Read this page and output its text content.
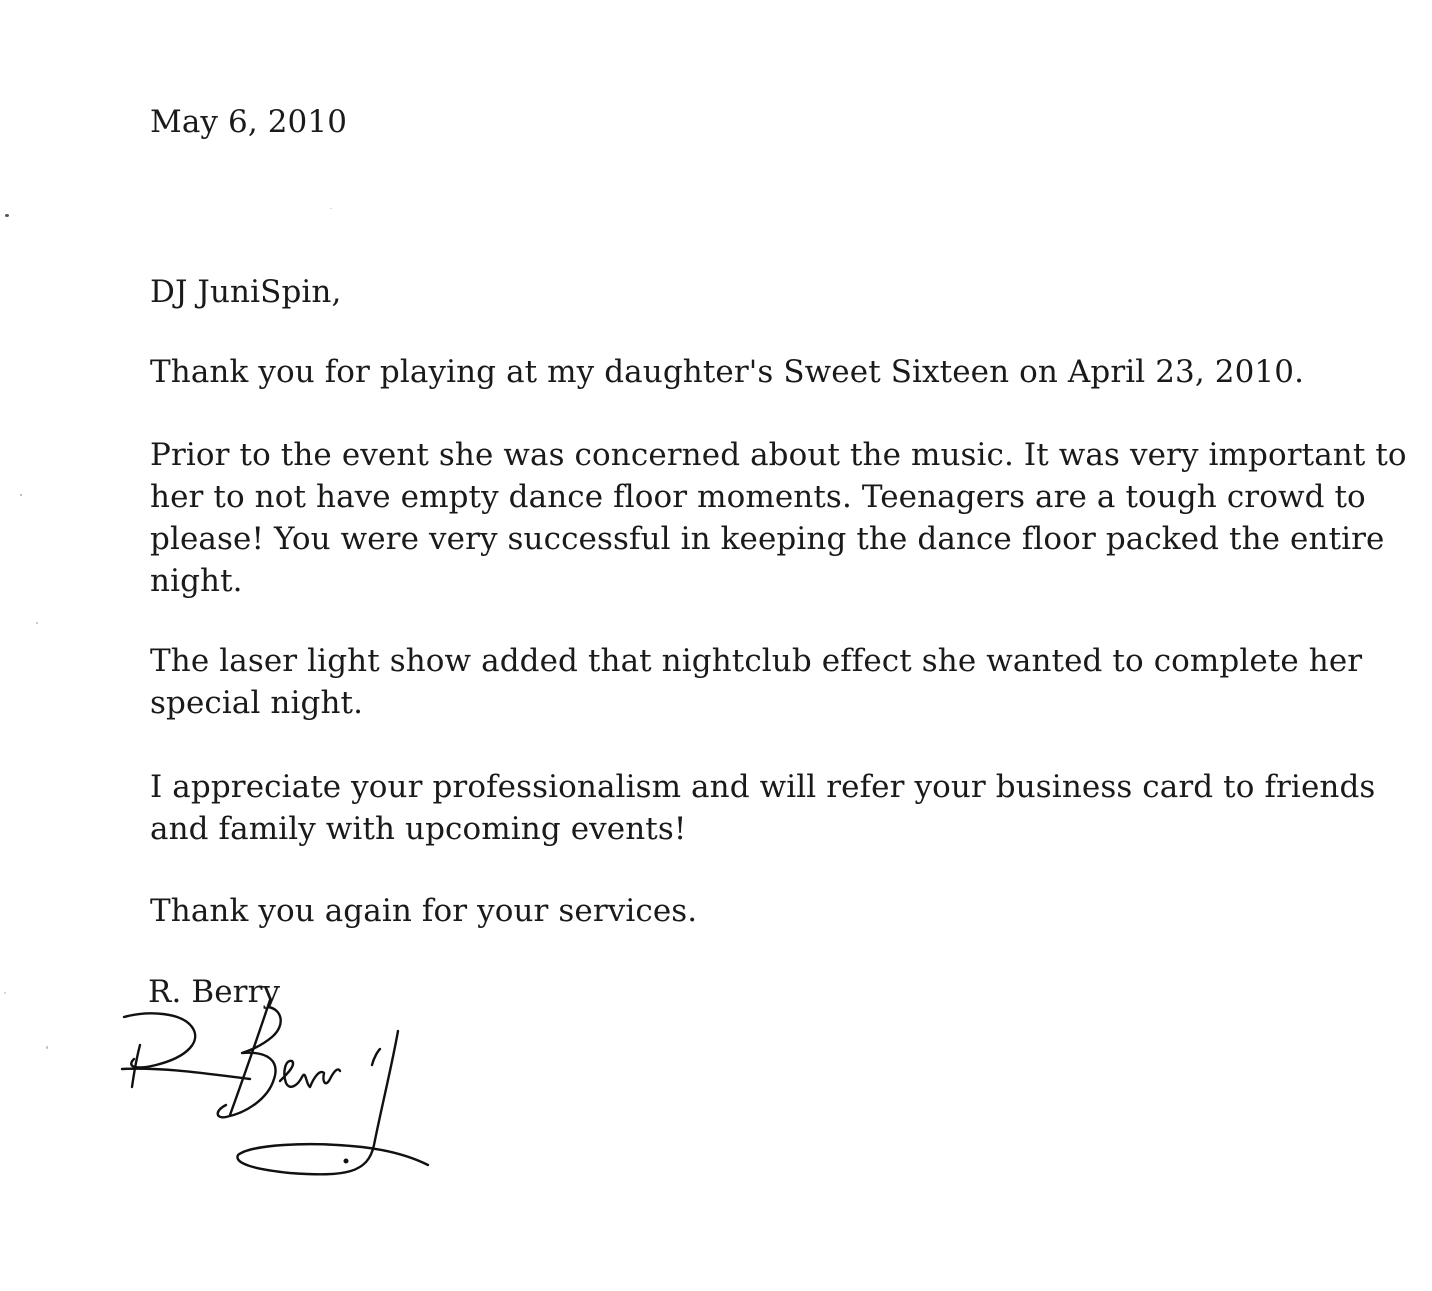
May 6, 2010

DJ JuniSpin,

Thank you for playing at my daughter's Sweet Sixteen on April 23, 2010.

Prior to the event she was concerned about the music. It was very important to

her to not have empty dance floor moments. Teenagers are a tough crowd to

please! You were very successful in keeping the dance floor packed the entire

night.

The laser light show added that nightclub effect she wanted to complete her

special night.

I appreciate your professionalism and will refer your business card to friends

and family with upcoming events!

Thank you again for your services.

R. Berry
